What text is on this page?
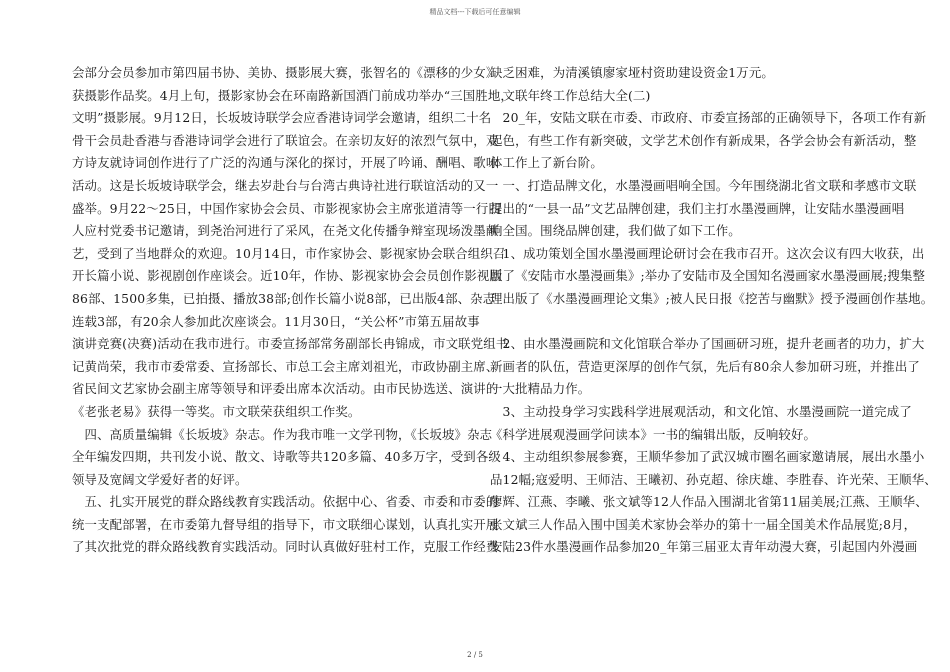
精品文档---下载后可任意编辑
会部分会员参加市第四届书协、美协、摄影展大赛，张智名的《漂移的少女》
获摄影作品奖。4月上旬，摄影家协会在环南路新国酒门前成功举办“三国胜地，
文明”摄影展。9月12日，长坂坡诗联学会应香港诗词学会邀请，组织二十名
骨干会员赴香港与香港诗词学会进行了联谊会。在亲切友好的浓烈气氛中，双
方诗友就诗词创作进行了广泛的沟通与深化的探讨，开展了吟诵、酬唱、歌咏
活动。这是长坂坡诗联学会，继去岁赴台与台湾古典诗社进行联谊活动的又一
盛举。9月22～25日，中国作家协会会员、市影视家协会主席张道清等一行四
人应村党委书记邀请，到尧治河进行了采风，在尧文化传播争辩室现场泼墨献
艺，受到了当地群众的欢迎。10月14日，市作家协会、影视家协会联合组织召
开长篇小说、影视剧创作座谈会。近10年，作协、影视家协会会员创作影视剧
86部、1500多集，已拍摄、播放38部;创作长篇小说8部，已出版4部、杂志
连载3部，有20余人参加此次座谈会。11月30日，“关公杯”市第五届故事
演讲竞赛(决赛)活动在我市进行。市委宣扬部常务副部长冉锦成，市文联党组书
记黄尚荣，我市市委常委、宣扬部长、市总工会主席刘祖光，市政协副主席、
省民间文艺家协会副主席等领导和评委出席本次活动。由市民协选送、演讲的
《老张老易》获得一等奖。市文联荣获组织工作奖。
　四、高质量编辑《长坂坡》杂志。作为我市唯一文学刊物，《长坂坡》杂志
全年编发四期，共刊发小说、散文、诗歌等共120多篇、40多万字，受到各级
领导及宽阔文学爱好者的好评。
　五、扎实开展党的群众路线教育实践活动。依据中心、省委、市委和市委的
统一支配部署，在市委第九督导组的指导下，市文联细心谋划，认真扎实开展
了其次批党的群众路线教育实践活动。同时认真做好驻村工作，克服工作经费
缺乏困难，为清溪镇廖家垭村资助建设资金1万元。
　文联年终工作总结大全(二)
　20_年，安陆文联在市委、市政府、市委宣扬部的正确领导下，各项工作有新
起色，有些工作有新突破，文学艺术创作有新成果，各学会协会有新活动，整
体工作上了新台阶。
　一、打造品牌文化，水墨漫画唱响全国。今年围绕湖北省文联和孝感市文联
提出的“一县一品”文艺品牌创建，我们主打水墨漫画牌，让安陆水墨漫画唱
响全国。围绕品牌创建，我们做了如下工作。
　1、成功策划全国水墨漫画理论研讨会在我市召开。这次会议有四大收获，出
版了《安陆市水墨漫画集》;举办了安陆市及全国知名漫画家水墨漫画展;搜集整
理出版了《水墨漫画理论文集》;被人民日报《挖苦与幽默》授予漫画创作基地。
　2、由水墨漫画院和文化馆联合举办了国画研习班，提升老画者的功力，扩大
新画者的队伍，营造更深厚的创作气氛，先后有80余人参加研习班，并推出了
一大批精品力作。
　3、主动投身学习实践科学进展观活动，和文化馆、水墨漫画院一道完成了
《科学进展观漫画学问读本》一书的编辑出版，反响较好。
　4、主动组织参展参赛，王顺华参加了武汉城市圈名画家邀请展，展出水墨小
品12幅;寇爱明、王师洁、王曦初、孙克超、徐庆雄、李胜春、许光荣、王顺华、
廖辉、江燕、李曦、张文斌等12人作品入围湖北省第11届美展;江燕、王顺华、
张文斌三人作品入围中国美术家协会举办的第十一届全国美术作品展览;8月，
安陆23件水墨漫画作品参加20_年第三届亚太青年动漫大赛，引起国内外漫画
2 / 5
